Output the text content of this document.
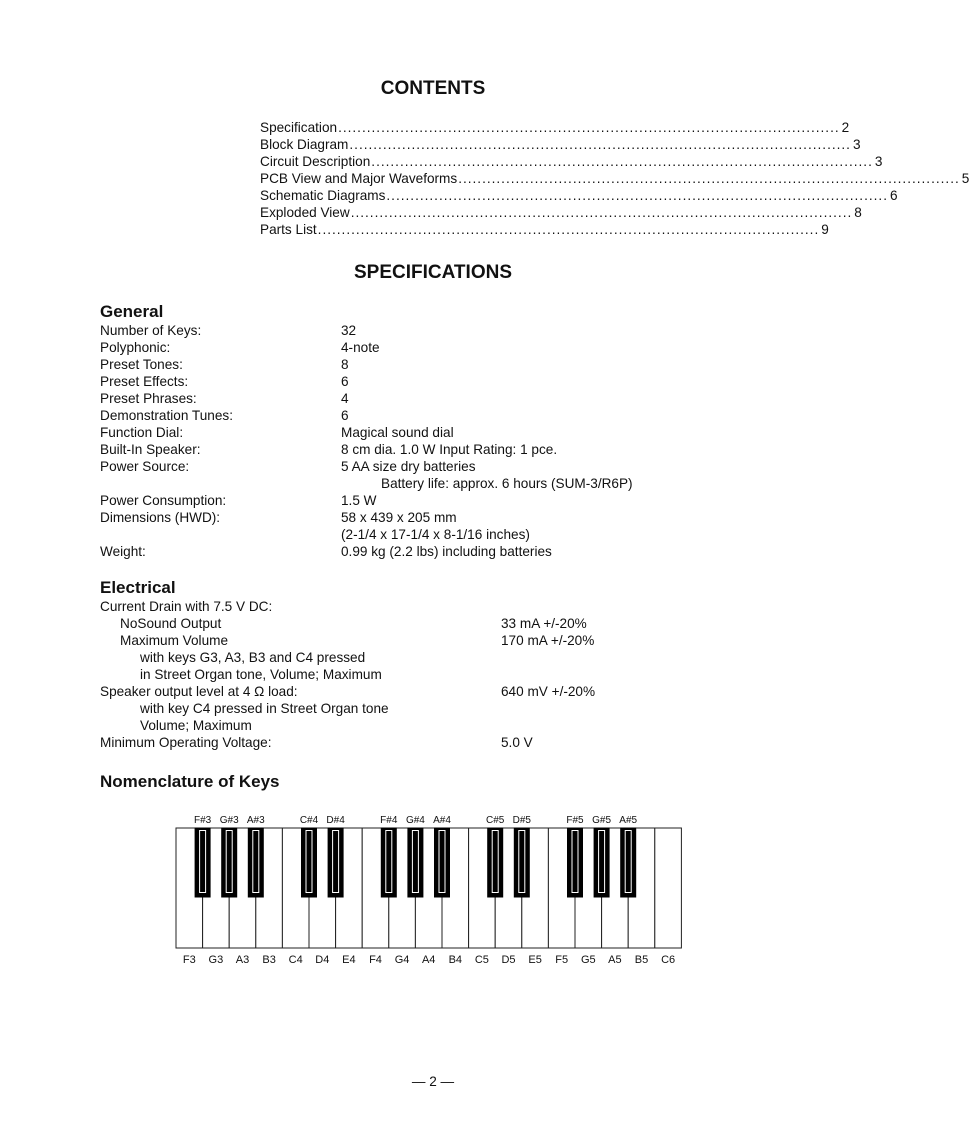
CONTENTS
Specification ......................................................................................................... 2
Block Diagram ......................................................................................................... 3
Circuit Description ......................................................................................................... 3
PCB View and Major Waveforms ......................................................................................................... 5
Schematic Diagrams ......................................................................................................... 6
Exploded View ......................................................................................................... 8
Parts List ......................................................................................................... 9
SPECIFICATIONS
General
Number of Keys:	32
Polyphonic:	4-note
Preset Tones:	8
Preset Effects:	6
Preset Phrases:	4
Demonstration Tunes:	6
Function Dial:	Magical sound dial
Built-In Speaker:	8 cm dia. 1.0 W Input Rating: 1 pce.
Power Source:	5 AA size dry batteries
Battery life: approx. 6 hours (SUM-3/R6P)
Power Consumption:	1.5 W
Dimensions (HWD):	58 x 439 x 205 mm
(2-1/4 x 17-1/4 x 8-1/16 inches)
Weight:	0.99 kg (2.2 lbs) including batteries
Electrical
Current Drain with 7.5 V DC:
NoSound Output	33 mA +/-20%
Maximum Volume	170 mA +/-20%
with keys G3, A3, B3 and C4 pressed
in Street Organ tone, Volume; Maximum
Speaker output level at 4 Ω load:	640 mV +/-20%
with key C4 pressed in Street Organ tone
Volume; Maximum
Minimum Operating Voltage:	5.0 V
Nomenclature of Keys
F3 G3 A3 B3 C4 D4 E4 F4 G4 A4 B4 C5 D5 E5 F5 G5 A5 B5 C6
F#3 G#3 A#3	C#4 D#4	F#4 G#4 A#4	C#5 D#5	F#5 G#5 A#5
— 2 —
